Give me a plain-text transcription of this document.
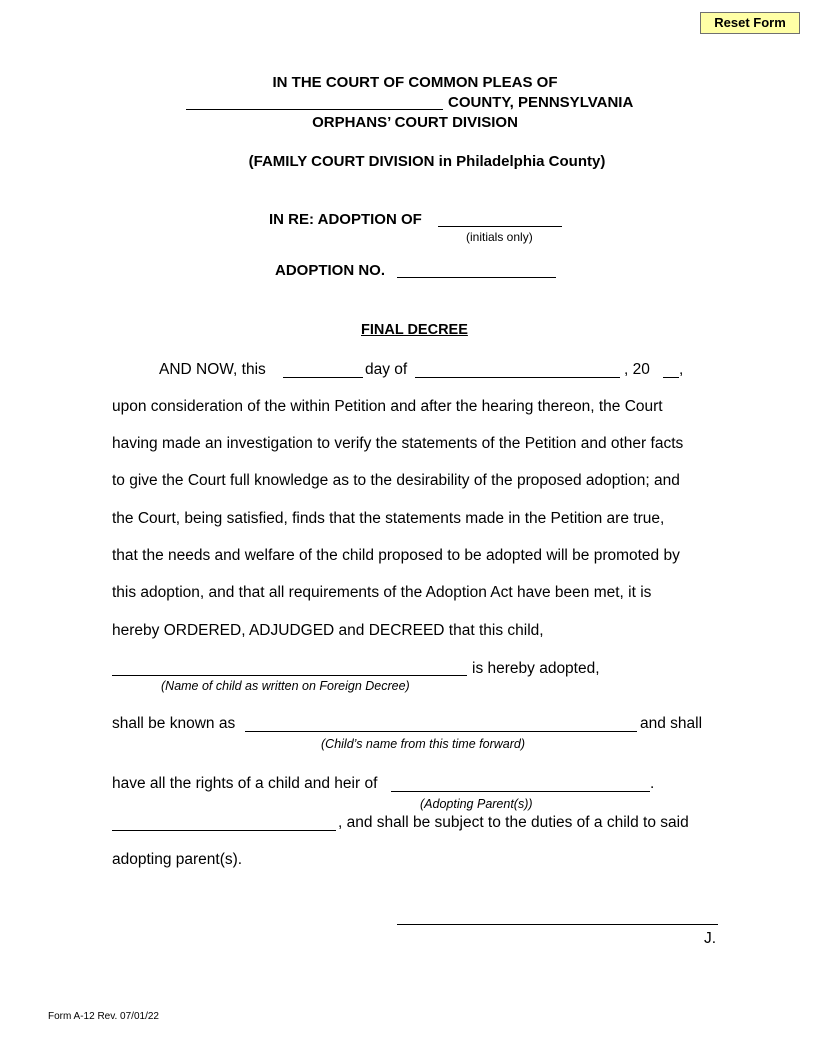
Reset Form
IN THE COURT OF COMMON PLEAS OF
COUNTY, PENNSYLVANIA
ORPHANS’ COURT DIVISION
(FAMILY COURT DIVISION in Philadelphia County)
IN RE: ADOPTION OF
(initials only)
ADOPTION NO.
FINAL DECREE
AND NOW, this	day of	, 20 ,
upon consideration of the within Petition and after the hearing thereon, the Court
having made an investigation to verify the statements of the Petition and other facts
to give the Court full knowledge as to the desirability of the proposed adoption; and
the Court, being satisfied, finds that the statements made in the Petition are true,
that the needs and welfare of the child proposed to be adopted will be promoted by
this adoption, and that all requirements of the Adoption Act have been met, it is
hereby ORDERED, ADJUDGED and DECREED that this child,
is hereby adopted,
(Name of child as written on Foreign Decree)
shall be known as	and shall
(Child’s name from this time forward)
have all the rights of a child and heir of	.
(Adopting Parent(s))
, and shall be subject to the duties of a child to said
adopting parent(s).
J.
Form A-12 Rev. 07/01/22
